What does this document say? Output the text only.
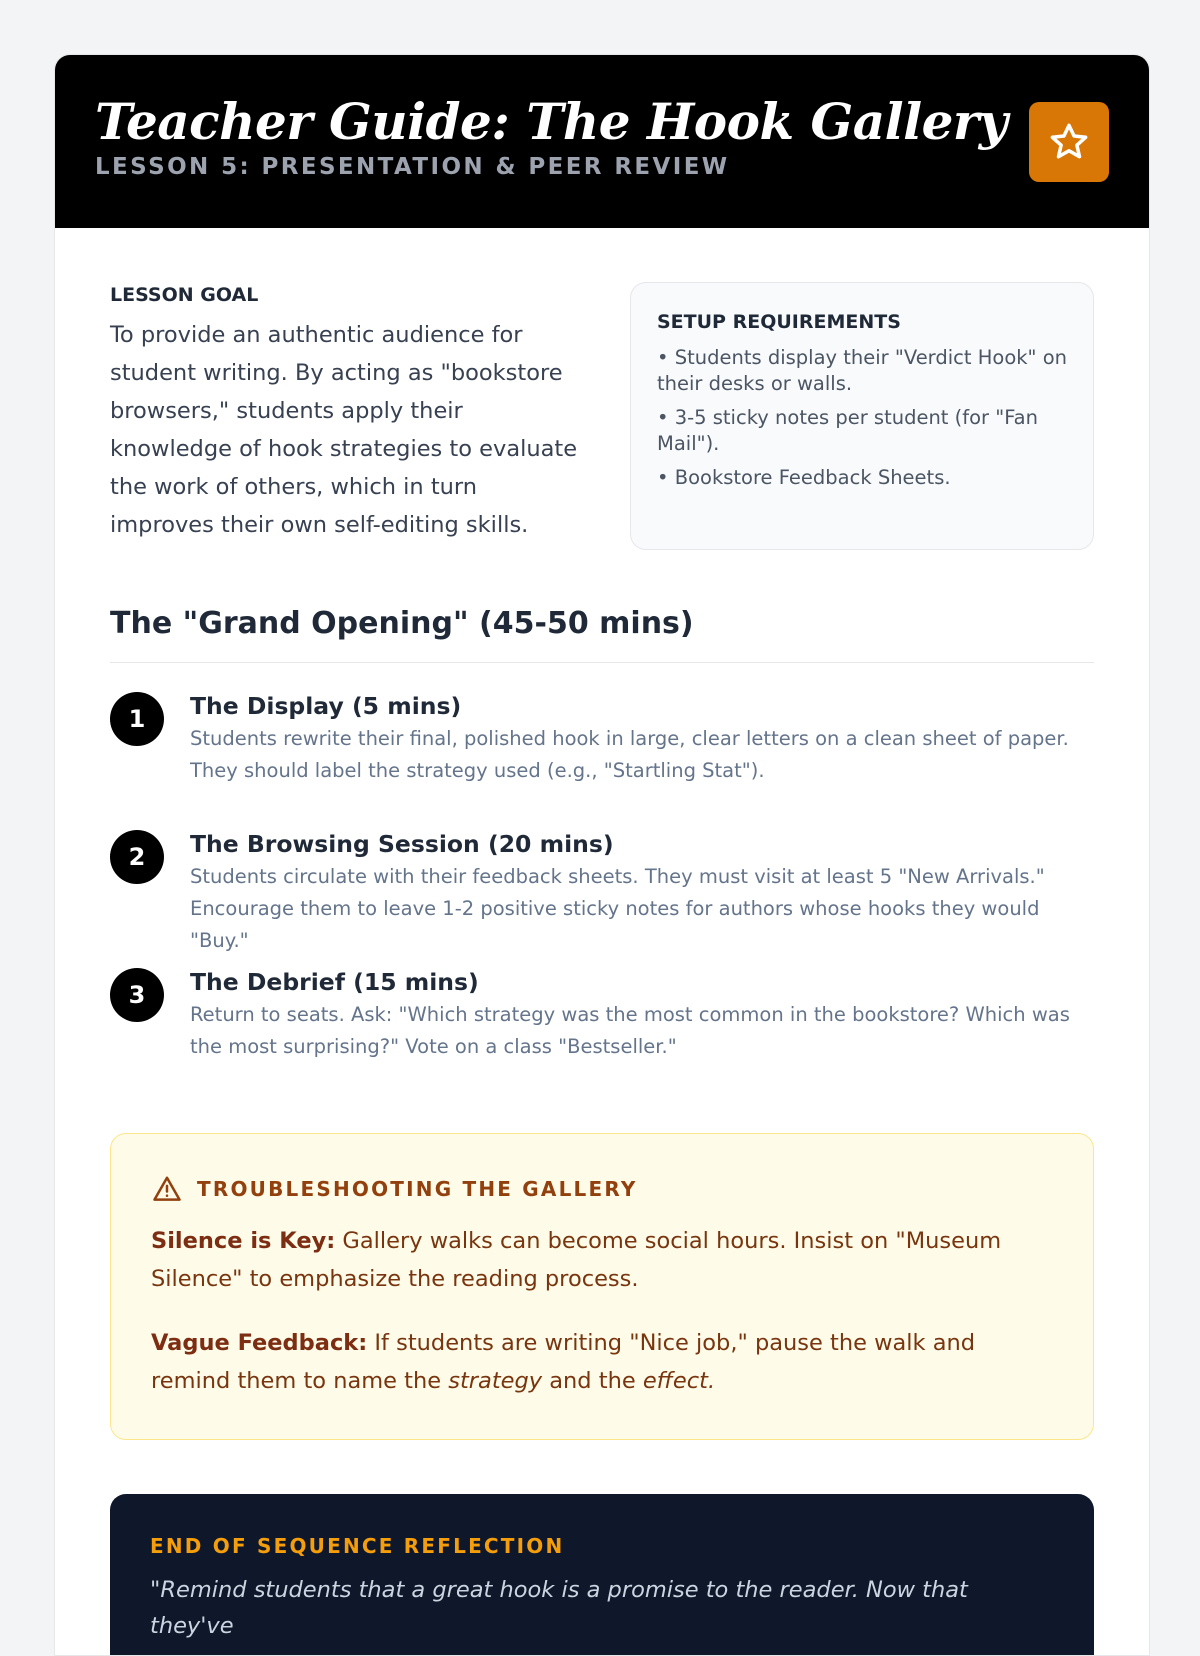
Teacher Guide: The Hook Gallery
LESSON 5: PRESENTATION & PEER REVIEW
LESSON GOAL

To provide an authentic audience for student writing. By acting as "bookstore browsers," students apply their knowledge of hook strategies to evaluate the work of others, which in turn improves their own self-editing skills.

SETUP REQUIREMENTS
• Students display their "Verdict Hook" on their desks or walls.
• 3-5 sticky notes per student (for "Fan Mail").
• Bookstore Feedback Sheets.
The "Grand Opening" (45-50 mins)
1	The Display (5 mins)

Students rewrite their final, polished hook in large, clear letters on a clean sheet of paper. They should label the strategy used (e.g., "Startling Stat").

2	The Browsing Session (20 mins)

Students circulate with their feedback sheets. They must visit at least 5 "New Arrivals." Encourage them to leave 1-2 positive sticky notes for authors whose hooks they would "Buy."

3	The Debrief (15 mins)

Return to seats. Ask: "Which strategy was the most common in the bookstore? Which was the most surprising?" Vote on a class "Bestseller."

TROUBLESHOOTING THE GALLERY

Silence is Key: Gallery walks can become social hours. Insist on "Museum Silence" to emphasize the reading process.

Vague Feedback: If students are writing "Nice job," pause the walk and remind them to name the strategy and the effect.

END OF SEQUENCE REFLECTION

"Remind students that a great hook is a promise to the reader. Now that they've
